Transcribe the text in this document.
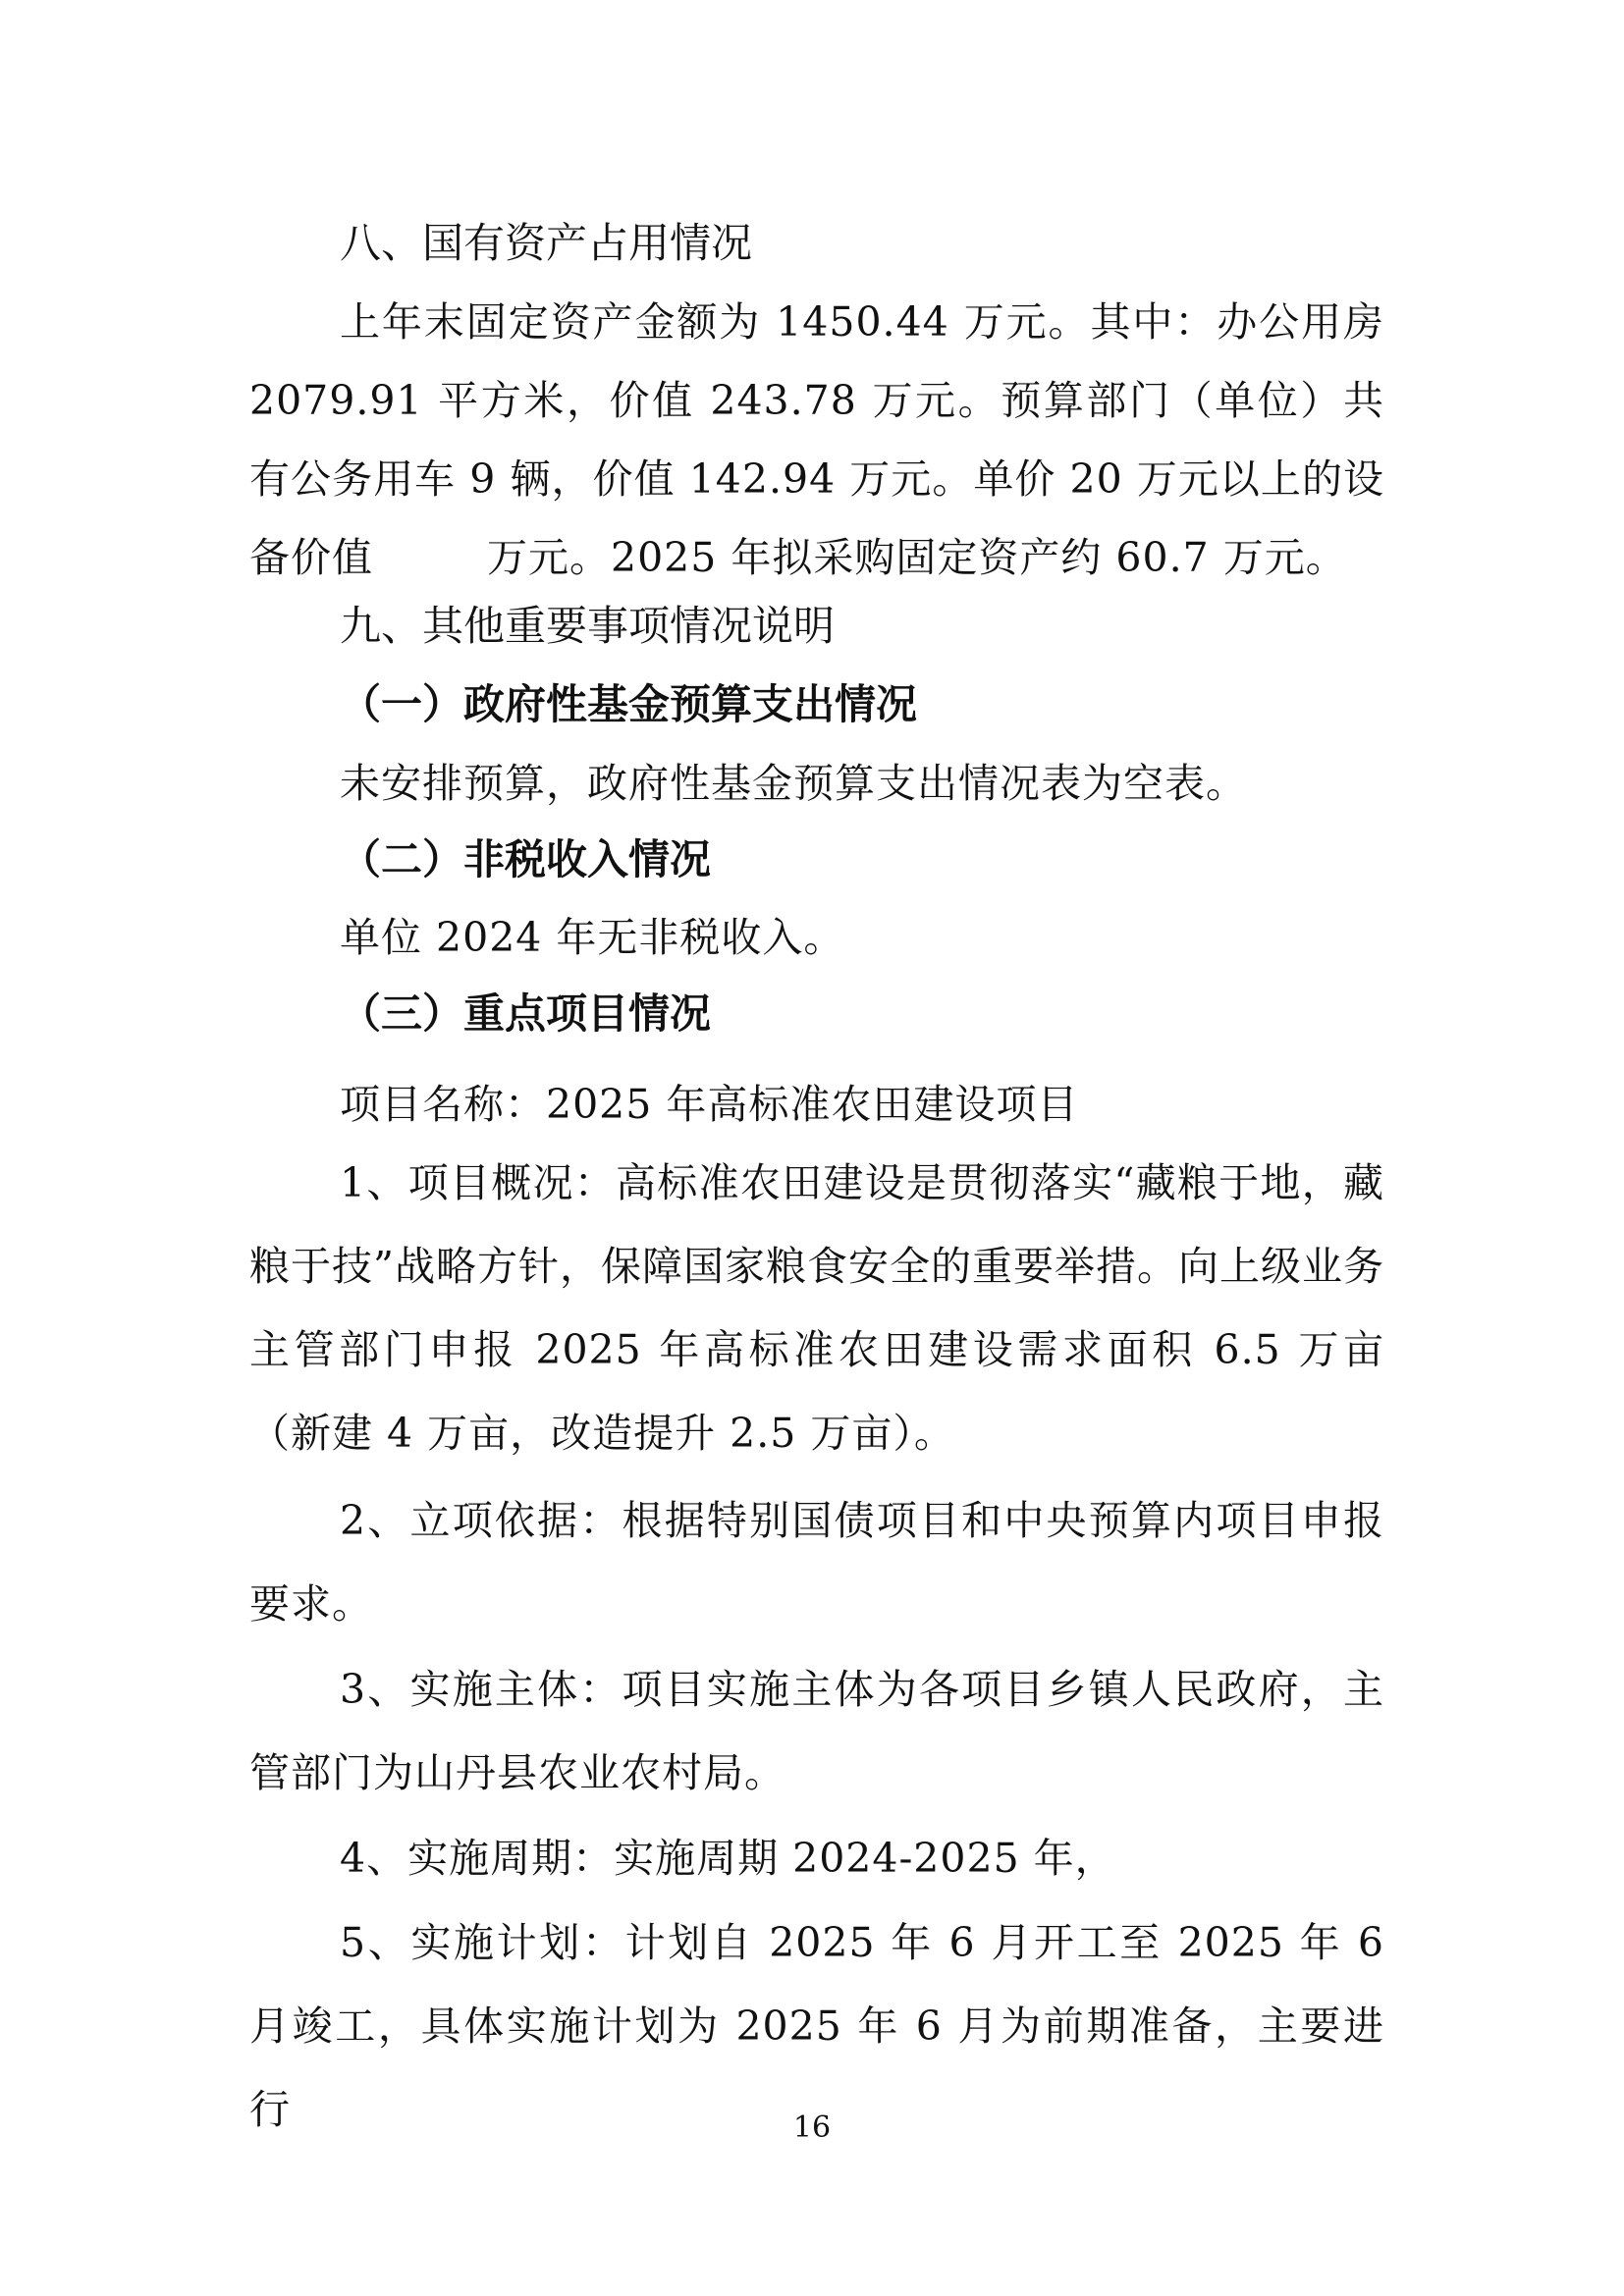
八、国有资产占用情况

上年末固定资产金额为 1450.44 万元。其中：办公用房 2079.91 平方米，价值 243.78 万元。预算部门（单位）共有公务用车 9 辆，价值 142.94 万元。单价 20 万元以上的设备价值	万元。2025 年拟采购固定资产约 60.7 万元。

九、其他重要事项情况说明
（一）政府性基金预算支出情况

未安排预算，政府性基金预算支出情况表为空表。

（二）非税收入情况

单位 2024 年无非税收入。

（三）重点项目情况

项目名称：2025 年高标准农田建设项目

1、项目概况：高标准农田建设是贯彻落实“藏粮于地，藏粮于技”战略方针，保障国家粮食安全的重要举措。向上级业务主管部门申报 2025 年高标准农田建设需求面积 6.5 万亩（新建 4 万亩，改造提升 2.5 万亩）。

2、立项依据：根据特别国债项目和中央预算内项目申报要求。

3、实施主体：项目实施主体为各项目乡镇人民政府，主管部门为山丹县农业农村局。

4、实施周期：实施周期 2024-2025 年，

5、实施计划：计划自 2025 年 6 月开工至 2025 年 6 月竣工，具体实施计划为 2025 年 6 月为前期准备，主要进行	16
